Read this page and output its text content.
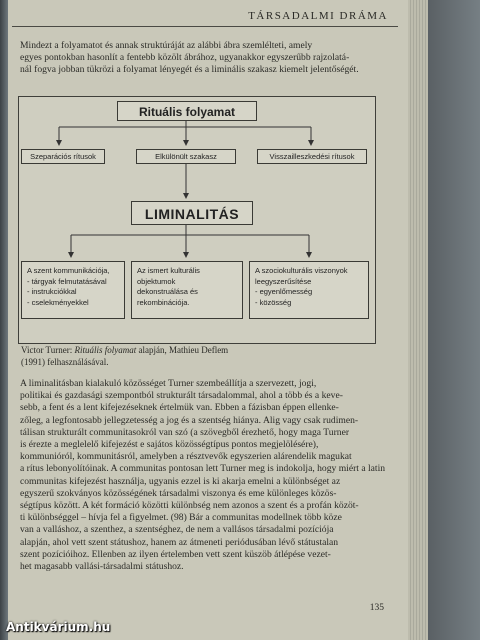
TÁRSADALMI DRÁMA

Mindezt a folyamatot és annak struktúráját az alábbi ábra szemlélteti, amely
egyes pontokban hasonlít a fentebb közölt ábrához, ugyanakkor egyszerűbb rajzolatá-
nál fogva jobban tükrözi a folyamat lényegét és a liminális szakasz kiemelt jelentőségét.

Rituális folyamat
Szeparációs rítusok	Elkülönült szakasz	Visszailleszkedési rítusok
LIMINALITÁS
A szent kommunikációja,
- tárgyak felmutatásával
- instrukciókkal
- cselekményekkel
Az ismert kulturális
objektumok
dekonstruálása és
rekombinációja.
A szociokulturális viszonyok
leegyszerűsítése
- egyenlőmesség
- közösség
Victor Turner: Rituális folyamat alapján, Mathieu Deflem
(1991) felhasználásával.

A liminalitásban kialakuló közösséget Turner szembeállítja a szervezett, jogi,
politikai és gazdasági szempontból strukturált társadalommal, ahol a több és a keve-
sebb, a fent és a lent kifejezéseknek értelmük van. Ebben a fázisban éppen ellenke-
zőleg, a legfontosabb jellegzetesség a jog és a szentség hiánya. Alig vagy csak rudimen-
tálisan strukturált communitasokról van szó (a szövegből érezhető, hogy maga Turner
is érezte a meglelelő kifejezést e sajátos közösségtípus pontos megjelölésére),
kommunióról, kommunitásról, amelyben a résztvevők egyszerien alárendelik magukat
a rítus lebonyolítóinak. A communitas pontosan lett Turner meg is indokolja, hogy miért a latin
communitas kifejezést használja, ugyanis ezzel is ki akarja emelni a különbséget az
egyszerű szokványos közösségének társadalmi viszonya és eme különleges közös-
ségtípus között. A két formáció közötti különbség nem azonos a szent és a profán közöt-
ti különbséggel – hívja fel a figyelmet. (98) Bár a communitas modellnek több köze
van a valláshoz, a szenthez, a szentséghez, de nem a vallásos társadalmi pozíciója
alapján, ahol vett szent státushoz, hanem az átmeneti periódusában lévő státustalan
szent pozícióihoz. Ellenben az ilyen értelemben vett szent küszöb átlépése vezet-
het magasabb vallási-társadalmi státushoz.

135
Antikvárium.hu
